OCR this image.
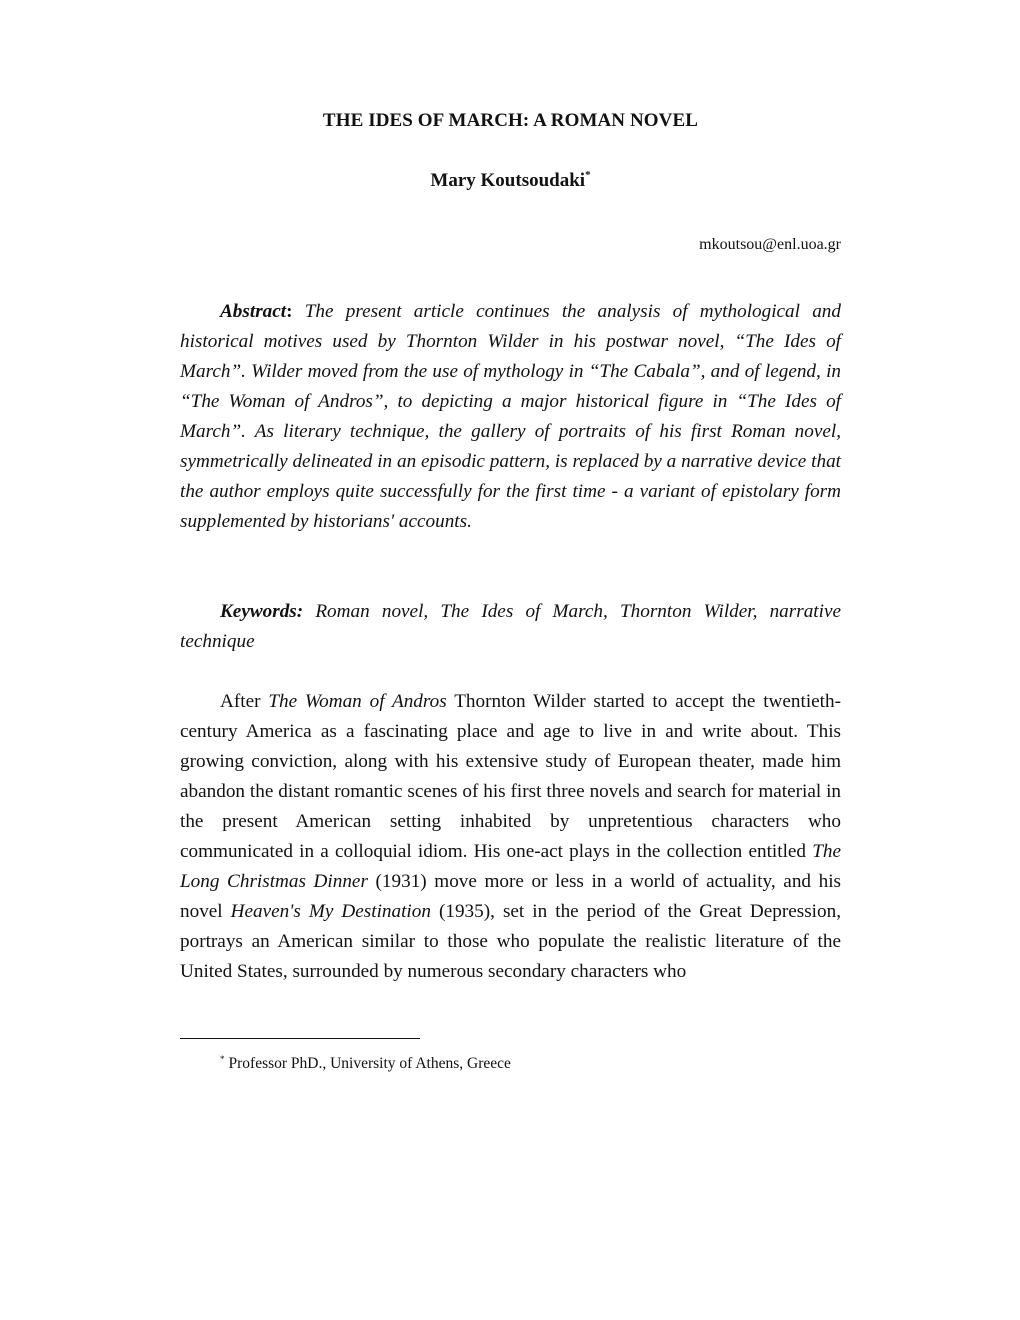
THE IDES OF MARCH: A ROMAN NOVEL
Mary Koutsoudaki*
mkoutsou@enl.uoa.gr

Abstract: The present article continues the analysis of mythological and historical motives used by Thornton Wilder in his postwar novel, “The Ides of March”. Wilder moved from the use of mythology in “The Cabala”, and of legend, in “The Woman of Andros”, to depicting a major historical figure in “The Ides of March”. As literary technique, the gallery of portraits of his first Roman novel, symmetrically delineated in an episodic pattern, is replaced by a narrative device that the author employs quite successfully for the first time - a variant of epistolary form supplemented by historians' accounts.

Keywords: Roman novel, The Ides of March, Thornton Wilder, narrative technique

After The Woman of Andros Thornton Wilder started to accept the twentieth-century America as a fascinating place and age to live in and write about. This growing conviction, along with his extensive study of European theater, made him abandon the distant romantic scenes of his first three novels and search for material in the present American setting inhabited by unpretentious characters who communicated in a colloquial idiom. His one-act plays in the collection entitled The Long Christmas Dinner (1931) move more or less in a world of actuality, and his novel Heaven's My Destination (1935), set in the period of the Great Depression, portrays an American similar to those who populate the realistic literature of the United States, surrounded by numerous secondary characters who

* Professor PhD., University of Athens, Greece
